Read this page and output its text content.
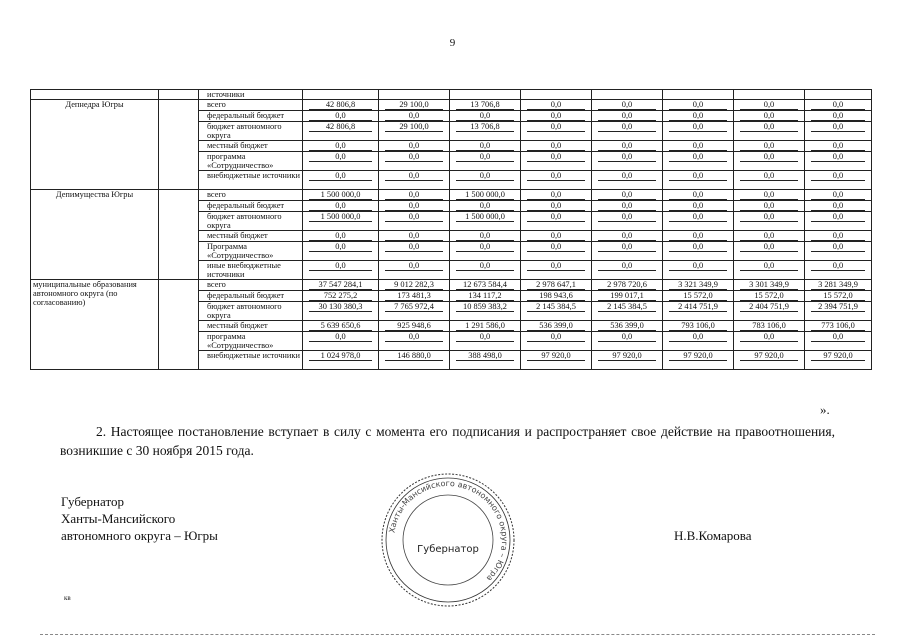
9
		источники								
Депнедра Югры		всего	42 806,8	29 100,0	13 706,8	0,0	0,0	0,0	0,0	0,0

		федеральный бюджет	0,0	0,0	0,0	0,0	0,0	0,0	0,0	0,0

		бюджет автономного округа	42 806,8	29 100,0	13 706,8	0,0	0,0	0,0	0,0	0,0

		местный бюджет	0,0	0,0	0,0	0,0	0,0	0,0	0,0	0,0

		программа «Сотрудничество»	0,0	0,0	0,0	0,0	0,0	0,0	0,0	0,0

		внебюджетные источники	0,0	0,0	0,0	0,0	0,0	0,0	0,0	0,0

Депимущества Югры		всего	1 500 000,0	0,0	1 500 000,0	0,0	0,0	0,0	0,0	0,0

		федеральный бюджет	0,0	0,0	0,0	0,0	0,0	0,0	0,0	0,0

		бюджет автономного округа	1 500 000,0	0,0	1 500 000,0	0,0	0,0	0,0	0,0	0,0

		местный бюджет	0,0	0,0	0,0	0,0	0,0	0,0	0,0	0,0

		Программа «Сотрудничество»	0,0	0,0	0,0	0,0	0,0	0,0	0,0	0,0

		иные внебюджетные источники	0,0	0,0	0,0	0,0	0,0	0,0	0,0	0,0

муниципальные образования автономного округа (по согласованию)		всего	37 547 284,1	9 012 282,3	12 673 584,4	2 978 647,1	2 978 720,6	3 321 349,9	3 301 349,9	3 281 349,9

		федеральный бюджет	752 275,2	173 481,3	134 117,2	198 943,6	199 017,1	15 572,0	15 572,0	15 572,0

		бюджет автономного округа	30 130 380,3	7 765 972,4	10 859 383,2	2 145 384,5	2 145 384,5	2 414 751,9	2 404 751,9	2 394 751,9

		местный бюджет	5 639 650,6	925 948,6	1 291 586,0	536 399,0	536 399,0	793 106,0	783 106,0	773 106,0

		программа «Сотрудничество»	0,0	0,0	0,0	0,0	0,0	0,0	0,0	0,0

		внебюджетные источники	1 024 978,0	146 880,0	388 498,0	97 920,0	97 920,0	97 920,0	97 920,0	97 920,0
».
2. Настоящее постановление вступает в силу с момента его подписания и распространяет свое действие на правоотношения, возникшие с 30 ноября 2015 года.
Губернатор
Ханты-Мансийского
автономного округа – Югры	Н.В.Комарова
Ханты-Мансийского автономного округа – Югра
Губернатор
кв
